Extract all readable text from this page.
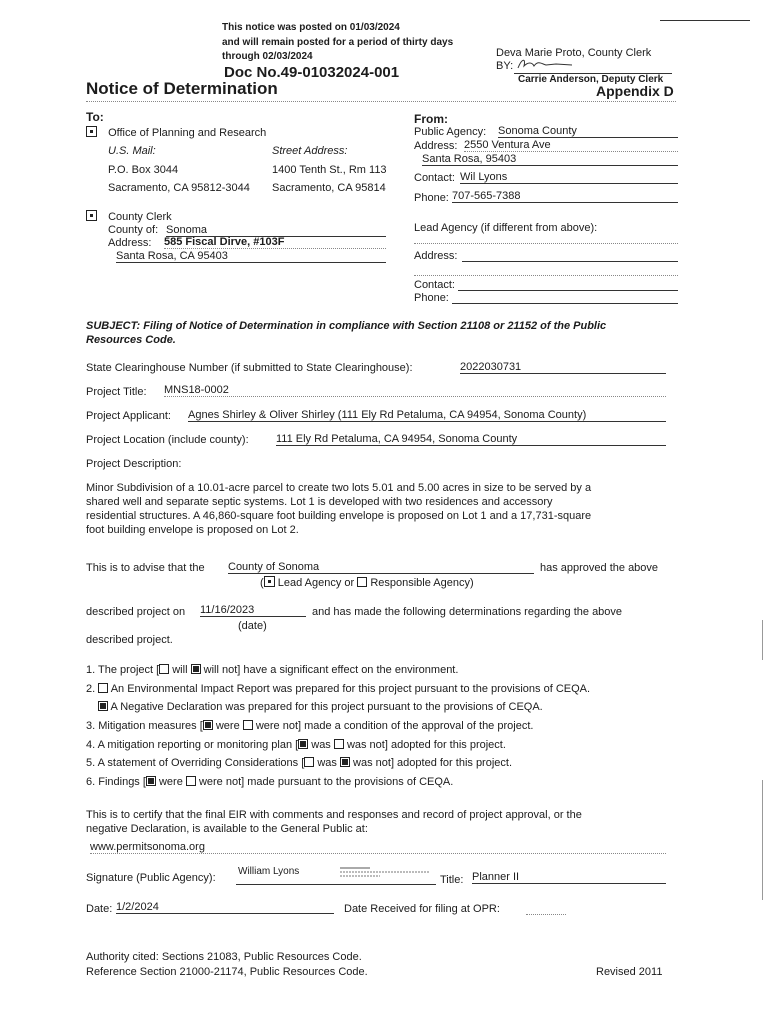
This notice was posted on 01/03/2024
and will remain posted for a period of thirty days
through 02/03/2024
Doc No.49-01032024-001
Notice of Determination
Deva Marie Proto, County Clerk
BY:
Carrie Anderson, Deputy Clerk
Appendix D
To:
Office of Planning and Research
U.S. Mail:	Street Address:
P.O. Box 3044	1400 Tenth St., Rm 113
Sacramento, CA 95812-3044 Sacramento, CA 95814
County Clerk
County of: Sonoma
Address: 585 Fiscal Dirve, #103F
Santa Rosa, CA 95403
From:
Public Agency: Sonoma County
Address: 2550 Ventura Ave
Santa Rosa, 95403
Contact: Wil Lyons
Phone: 707-565-7388
Lead Agency (if different from above):
Address:
Contact:
Phone:
SUBJECT: Filing of Notice of Determination in compliance with Section 21108 or 21152 of the Public
Resources Code.
State Clearinghouse Number (if submitted to State Clearinghouse):	2022030731
Project Title: MNS18-0002
Project Applicant: Agnes Shirley & Oliver Shirley (111 Ely Rd Petaluma, CA 94954, Sonoma County)
Project Location (include county): 111 Ely Rd Petaluma, CA 94954, Sonoma County
Project Description:
Minor Subdivision of a 10.01-acre parcel to create two lots 5.01 and 5.00 acres in size to be served by a
shared well and separate septic systems. Lot 1 is developed with two residences and accessory
residential structures. A 46,860-square foot building envelope is proposed on Lot 1 and a 17,731-square
foot building envelope is proposed on Lot 2.
This is to advise that the County of Sonoma	has approved the above
( Lead Agency or Responsible Agency)
described project on 11/16/2023	and has made the following determinations regarding the above
(date)
described project.
1. The project [ will will not] have a significant effect on the environment.
2. An Environmental Impact Report was prepared for this project pursuant to the provisions of CEQA.
A Negative Declaration was prepared for this project pursuant to the provisions of CEQA.
3. Mitigation measures [ were were not] made a condition of the approval of the project.
4. A mitigation reporting or monitoring plan [ was was not] adopted for this project.
5. A statement of Overriding Considerations [ was was not] adopted for this project.
6. Findings [ were were not] made pursuant to the provisions of CEQA.
This is to certify that the final EIR with comments and responses and record of project approval, or the
negative Declaration, is available to the General Public at:
www.permitsonoma.org
Signature (Public Agency):
William Lyons
Title: Planner II
Date: 1/2/2024	Date Received for filing at OPR:
Authority cited: Sections 21083, Public Resources Code.
Reference Section 21000-21174, Public Resources Code.	Revised 2011
